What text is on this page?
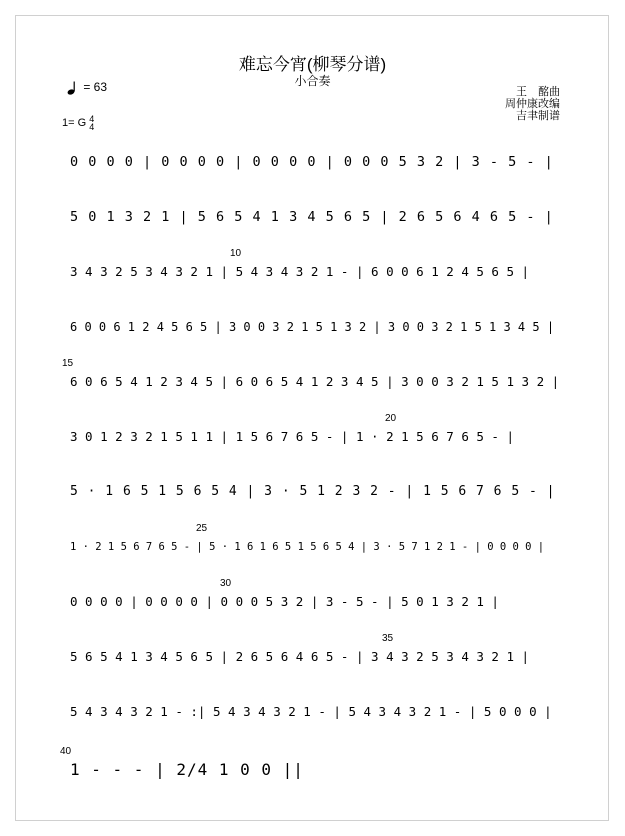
难忘今宵(柳琴分谱)
小合奏
= 63
1= G 4
4
王　酩曲
周仲康改编
吉聿制谱
0 0 0 0 | 0 0 0 0 | 0 0 0 0 | 0 0 0 5 3 2 | 3 - 5 - |
5 0 1 3 2 1 | 5 6 5 4 1 3 4 5 6 5 | 2 6 5 6 4 6 5 - |
10
3 4 3 2 5 3 4 3 2 1 | 5 4 3 4 3 2 1 - | 6 0 0 6 1 2 4 5 6 5 |
6 0 0 6 1 2 4 5 6 5 | 3 0 0 3 2 1 5 1 3 2 | 3 0 0 3 2 1 5 1 3 4 5 |
15
6 0 6 5 4 1 2 3 4 5 | 6 0 6 5 4 1 2 3 4 5 | 3 0 0 3 2 1 5 1 3 2 |
20
3 0 1 2 3 2 1 5 1 1 | 1 5 6 7 6 5 - | 1 · 2 1 5 6 7 6 5 - |
5 · 1 6 5 1 5 6 5 4 | 3 · 5 1 2 3 2 - | 1 5 6 7 6 5 - |
25
1 · 2 1 5 6 7 6 5 - | 5 · 1 6 1 6 5 1 5 6 5 4 | 3 · 5 7 1 2 1 - | 0 0 0 0 |
30
0 0 0 0 | 0 0 0 0 | 0 0 0 5 3 2 | 3 - 5 - | 5 0 1 3 2 1 |
35
5 6 5 4 1 3 4 5 6 5 | 2 6 5 6 4 6 5 - | 3 4 3 2 5 3 4 3 2 1 |
5 4 3 4 3 2 1 - :| 5 4 3 4 3 2 1 - | 5 4 3 4 3 2 1 - | 5 0 0 0 |
40
1 - - - | 2/4 1 0 0 ||
